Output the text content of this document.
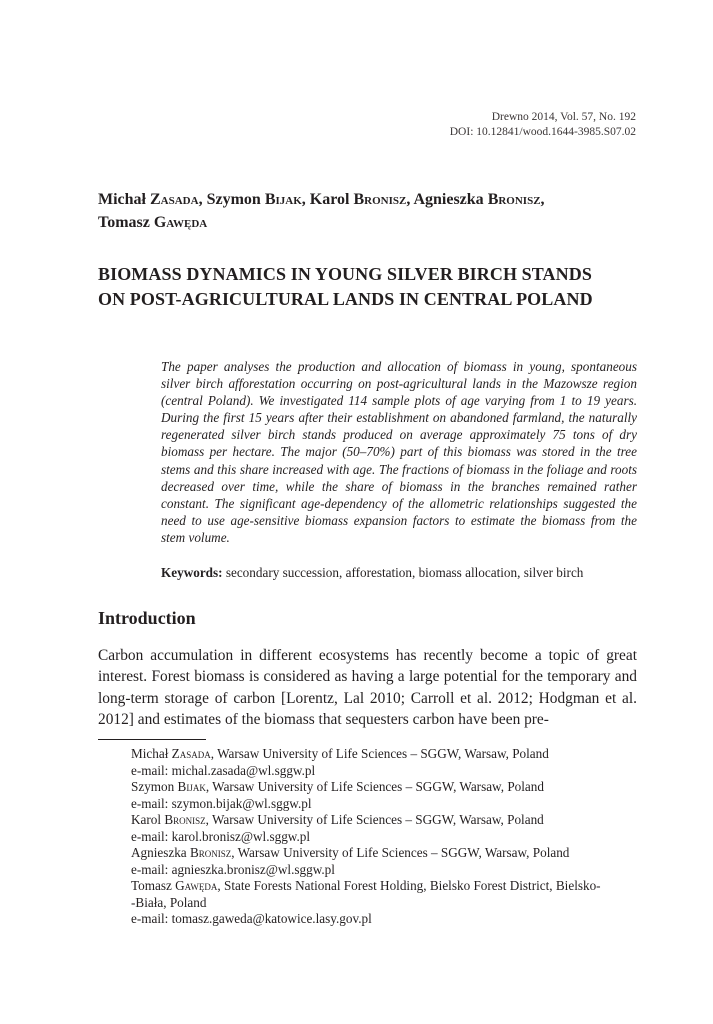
Drewno 2014, Vol. 57, No. 192
DOI: 10.12841/wood.1644-3985.S07.02
Michał Zasada, Szymon Bijak, Karol Bronisz, Agnieszka Bronisz,
Tomasz Gawęda
BIOMASS DYNAMICS IN YOUNG SILVER BIRCH STANDS
ON POST-AGRICULTURAL LANDS IN CENTRAL POLAND

The paper analyses the production and allocation of biomass in young, spontaneous silver birch afforestation occurring on post-agricultural lands in the Mazowsze region (central Poland). We investigated 114 sample plots of age varying from 1 to 19 years. During the first 15 years after their establishment on abandoned farmland, the naturally regenerated silver birch stands produced on average approximately 75 tons of dry biomass per hectare. The major (50–70%) part of this biomass was stored in the tree stems and this share increased with age. The fractions of biomass in the foliage and roots decreased over time, while the share of biomass in the branches remained rather constant. The significant age-dependency of the allometric relationships suggested the need to use age-sensitive biomass expansion factors to estimate the biomass from the stem volume.

Keywords: secondary succession, afforestation, biomass allocation, silver birch
Introduction

Carbon accumulation in different ecosystems has recently become a topic of great interest. Forest biomass is considered as having a large potential for the temporary and long-term storage of carbon [Lorentz, Lal 2010; Carroll et al. 2012; Hodgman et al. 2012] and estimates of the biomass that sequesters carbon have been pre-

Michał Zasada, Warsaw University of Life Sciences – SGGW, Warsaw, Poland
e-mail: michal.zasada@wl.sggw.pl
Szymon Bijak, Warsaw University of Life Sciences – SGGW, Warsaw, Poland
e-mail: szymon.bijak@wl.sggw.pl
Karol Bronisz, Warsaw University of Life Sciences – SGGW, Warsaw, Poland
e-mail: karol.bronisz@wl.sggw.pl
Agnieszka Bronisz, Warsaw University of Life Sciences – SGGW, Warsaw, Poland
e-mail: agnieszka.bronisz@wl.sggw.pl
Tomasz Gawęda, State Forests National Forest Holding, Bielsko Forest District, Bielsko-
-Biała, Poland
e-mail: tomasz.gaweda@katowice.lasy.gov.pl
